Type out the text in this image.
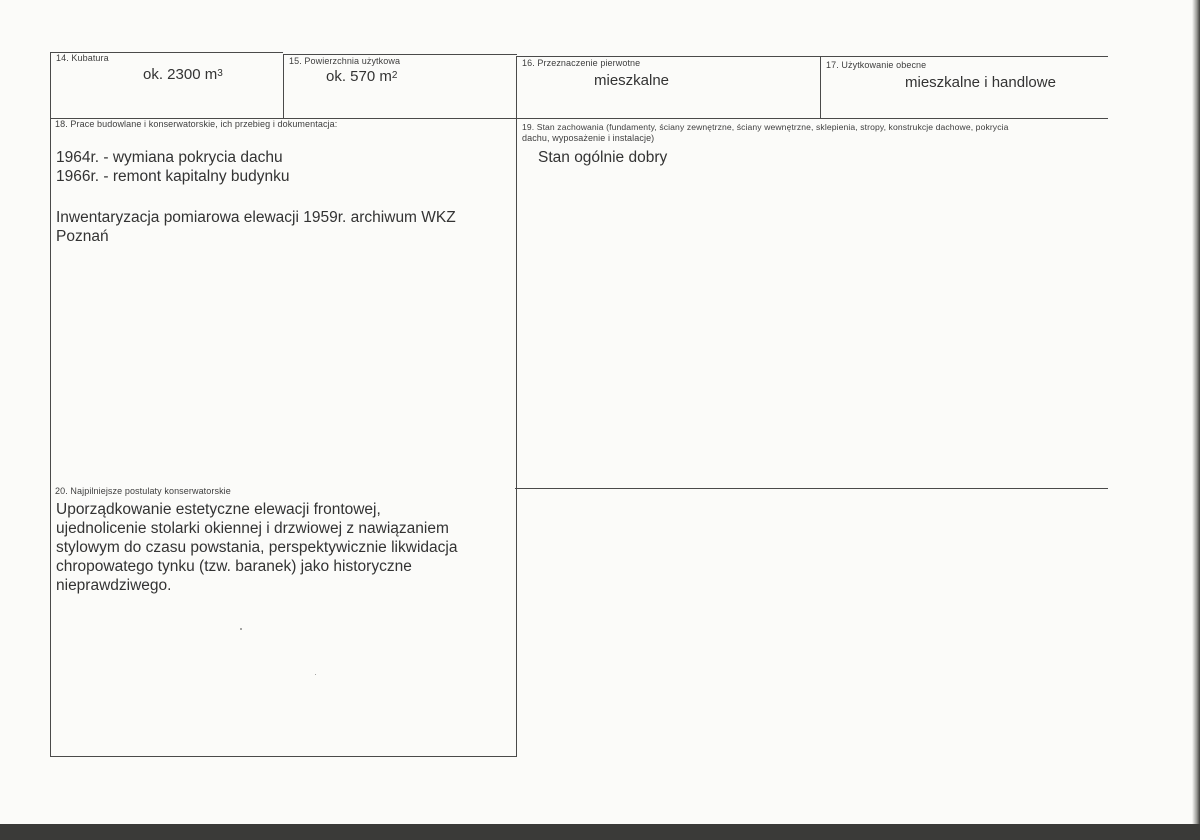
14. Kubatura
ok. 2300 $m^3$
15. Powierzchnia użytkowa
ok. 570 $m^2$
16. Przeznaczenie pierwotne
mieszkalne
17. Użytkowanie obecne
mieszkalne i handlowe
18. Prace budowlane i konserwatorskie, ich przebieg i dokumentacja:
1964r. - wymiana pokrycia dachu
1966r. - remont kapitalny budynku
Inwentaryzacja pomiarowa elewacji 1959r. archiwum WKZ
Poznań
19. Stan zachowania (fundamenty, ściany zewnętrzne, ściany wewnętrzne, sklepienia, stropy, konstrukcje dachowe, pokrycia
dachu, wyposażenie i instalacje)
Stan ogólnie dobry
20. Najpilniejsze postulaty konserwatorskie
Uporządkowanie estetyczne elewacji frontowej,
ujednolicenie stolarki okiennej i drzwiowej z nawiązaniem
stylowym do czasu powstania, perspektywicznie likwidacja
chropowatego tynku (tzw. baranek) jako historyczne
nieprawdziwego.
